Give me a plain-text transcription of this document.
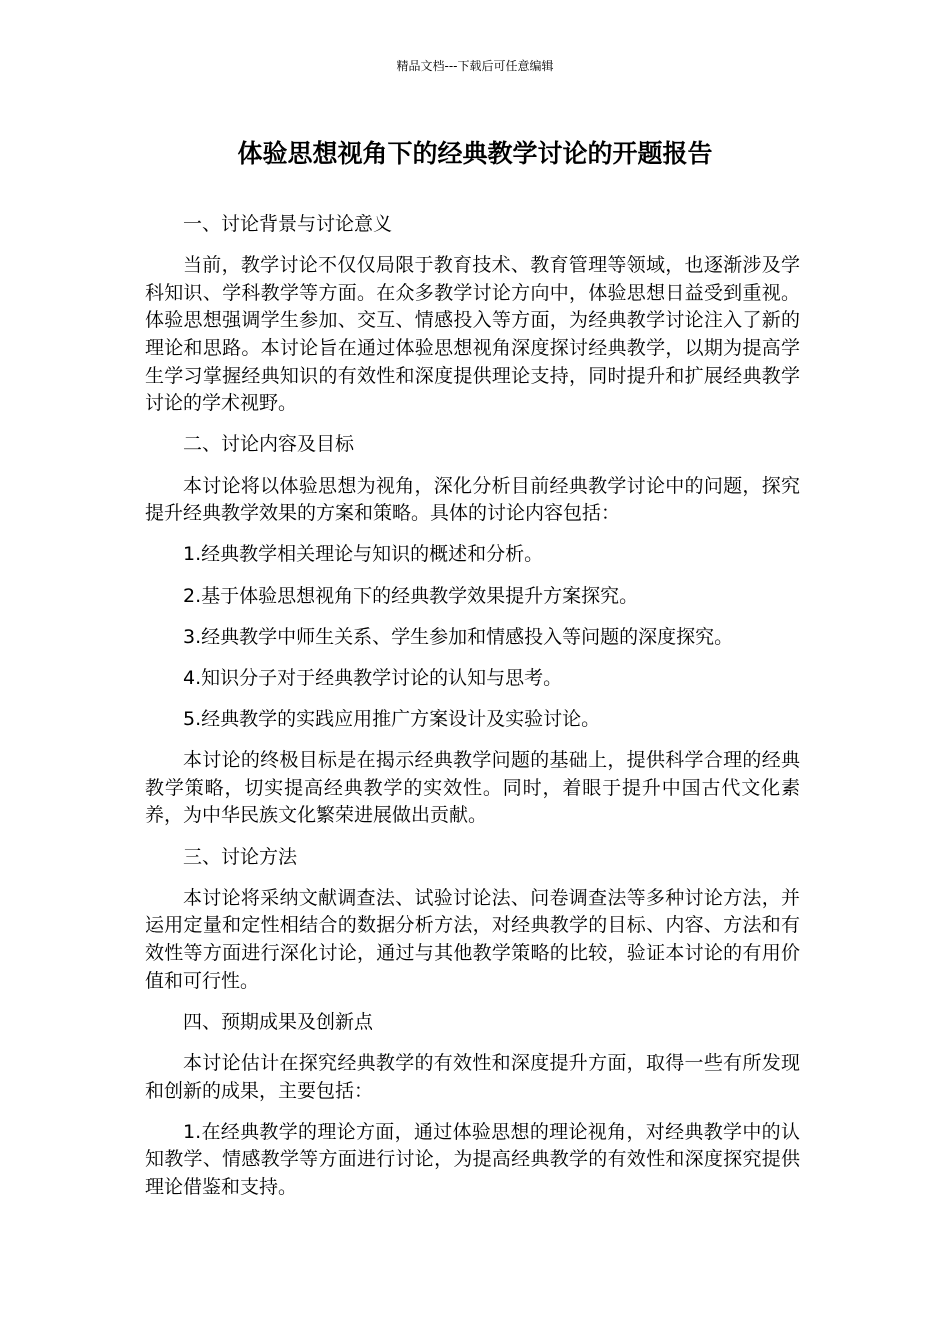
精品文档---下载后可任意编辑
体验思想视角下的经典教学讨论的开题报告

一、讨论背景与讨论意义

当前，教学讨论不仅仅局限于教育技术、教育管理等领域，也逐渐涉及学科知识、学科教学等方面。在众多教学讨论方向中，体验思想日益受到重视。体验思想强调学生参加、交互、情感投入等方面，为经典教学讨论注入了新的理论和思路。本讨论旨在通过体验思想视角深度探讨经典教学，以期为提高学生学习掌握经典知识的有效性和深度提供理论支持，同时提升和扩展经典教学讨论的学术视野。

二、讨论内容及目标

本讨论将以体验思想为视角，深化分析目前经典教学讨论中的问题，探究提升经典教学效果的方案和策略。具体的讨论内容包括：

1.经典教学相关理论与知识的概述和分析。

2.基于体验思想视角下的经典教学效果提升方案探究。

3.经典教学中师生关系、学生参加和情感投入等问题的深度探究。

4.知识分子对于经典教学讨论的认知与思考。

5.经典教学的实践应用推广方案设计及实验讨论。

本讨论的终极目标是在揭示经典教学问题的基础上，提供科学合理的经典教学策略，切实提高经典教学的实效性。同时，着眼于提升中国古代文化素养，为中华民族文化繁荣进展做出贡献。

三、讨论方法

本讨论将采纳文献调查法、试验讨论法、问卷调查法等多种讨论方法，并运用定量和定性相结合的数据分析方法，对经典教学的目标、内容、方法和有效性等方面进行深化讨论，通过与其他教学策略的比较，验证本讨论的有用价值和可行性。

四、预期成果及创新点

本讨论估计在探究经典教学的有效性和深度提升方面，取得一些有所发现和创新的成果，主要包括：

1.在经典教学的理论方面，通过体验思想的理论视角，对经典教学中的认知教学、情感教学等方面进行讨论，为提高经典教学的有效性和深度探究提供理论借鉴和支持。
